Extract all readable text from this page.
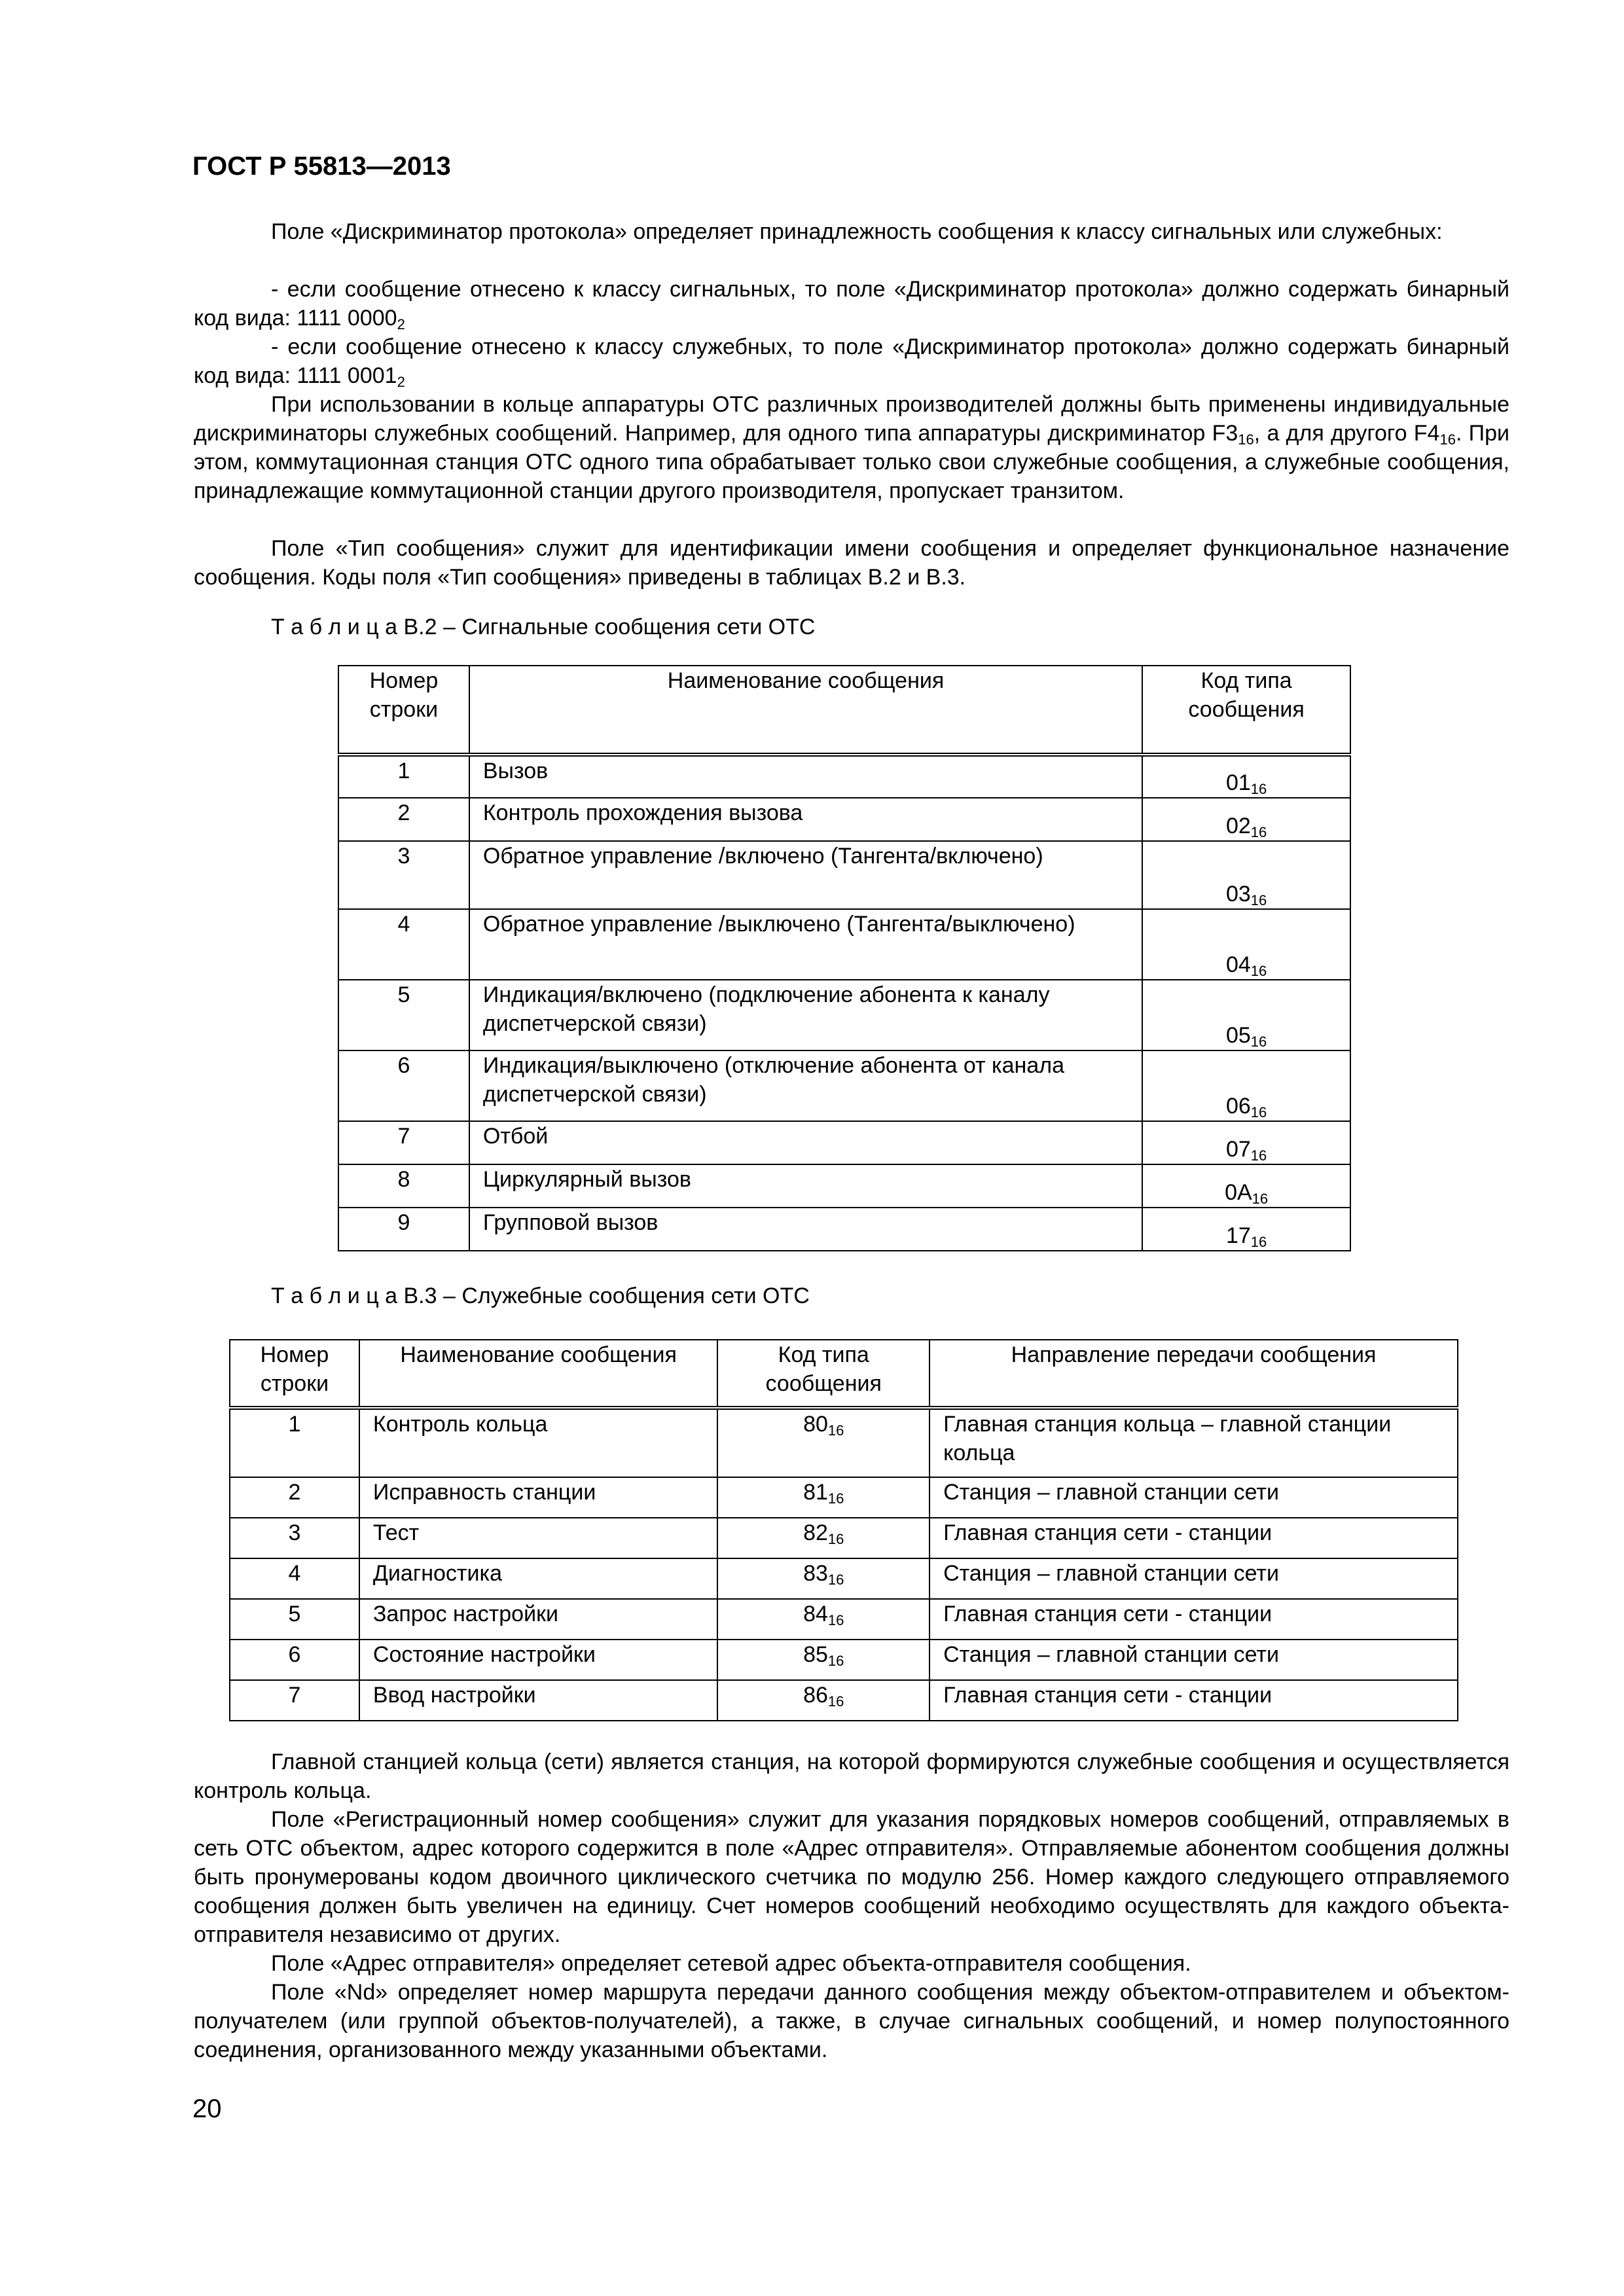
ГОСТ Р 55813—2013

Поле «Дискриминатор протокола» определяет принадлежность сообщения к классу сигнальных или служебных:

- если сообщение отнесено к классу сигнальных, то поле «Дискриминатор протокола» должно содержать бинарный код вида: 1111 $0000_2$

- если сообщение отнесено к классу служебных, то поле «Дискриминатор протокола» должно содержать бинарный код вида: 1111 $0001_2$

При использовании в кольце аппаратуры ОТС различных производителей должны быть применены индивидуальные дискриминаторы служебных сообщений. Например, для одного типа аппаратуры дискриминатор $F3_{16}$, а для другого $F4_{16}$. При этом, коммутационная станция ОТС одного типа обрабатывает только свои служебные сообщения, а служебные сообщения, принадлежащие коммутационной станции другого производителя, пропускает транзитом.

Поле «Тип сообщения» служит для идентификации имени сообщения и определяет функциональное назначение сообщения. Коды поля «Тип сообщения» приведены в таблицах В.2 и В.3.

Т а б л и ц а В.2 – Сигнальные сообщения сети ОТС
Номер строки	Наименование сообщения	Код типа сообщения
1	Вызов	$01_{16}$
2	Контроль прохождения вызова	$02_{16}$
3	Обратное управление /включено (Тангента/включено)	$03_{16}$
4	Обратное управление /выключено (Тангента/выключено)	$04_{16}$
5	Индикация/включено (подключение абонента к каналу диспетчерской связи)	$05_{16}$
6	Индикация/выключено (отключение абонента от канала диспетчерской связи)	$06_{16}$
7	Отбой	$07_{16}$
8	Циркулярный вызов	$0A_{16}$
9	Групповой вызов	$17_{16}$
Т а б л и ц а В.3 – Служебные сообщения сети ОТС
Номер строки	Наименование сообщения	Код типа сообщения	Направление передачи сообщения
1	Контроль кольца	$80_{16}$	Главная станция кольца – главной станции кольца
2	Исправность станции	$81_{16}$	Станция – главной станции сети
3	Тест	$82_{16}$	Главная станция сети - станции
4	Диагностика	$83_{16}$	Станция – главной станции сети
5	Запрос настройки	$84_{16}$	Главная станция сети - станции
6	Состояние настройки	$85_{16}$	Станция – главной станции сети
7	Ввод настройки	$86_{16}$	Главная станция сети - станции

Главной станцией кольца (сети) является станция, на которой формируются служебные сообщения и осуществляется контроль кольца.

Поле «Регистрационный номер сообщения» служит для указания порядковых номеров сообщений, отправляемых в сеть ОТС объектом, адрес которого содержится в поле «Адрес отправителя». Отправляемые абонентом сообщения должны быть пронумерованы кодом двоичного циклического счетчика по модулю 256. Номер каждого следующего отправляемого сообщения должен быть увеличен на единицу. Счет номеров сообщений необходимо осуществлять для каждого объекта-отправителя независимо от других.

Поле «Адрес отправителя» определяет сетевой адрес объекта-отправителя сообщения.

Поле «Nd» определяет номер маршрута передачи данного сообщения между объектом-отправителем и объектом-получателем (или группой объектов-получателей), а также, в случае сигнальных сообщений, и номер полупостоянного соединения, организованного между указанными объектами.

20
